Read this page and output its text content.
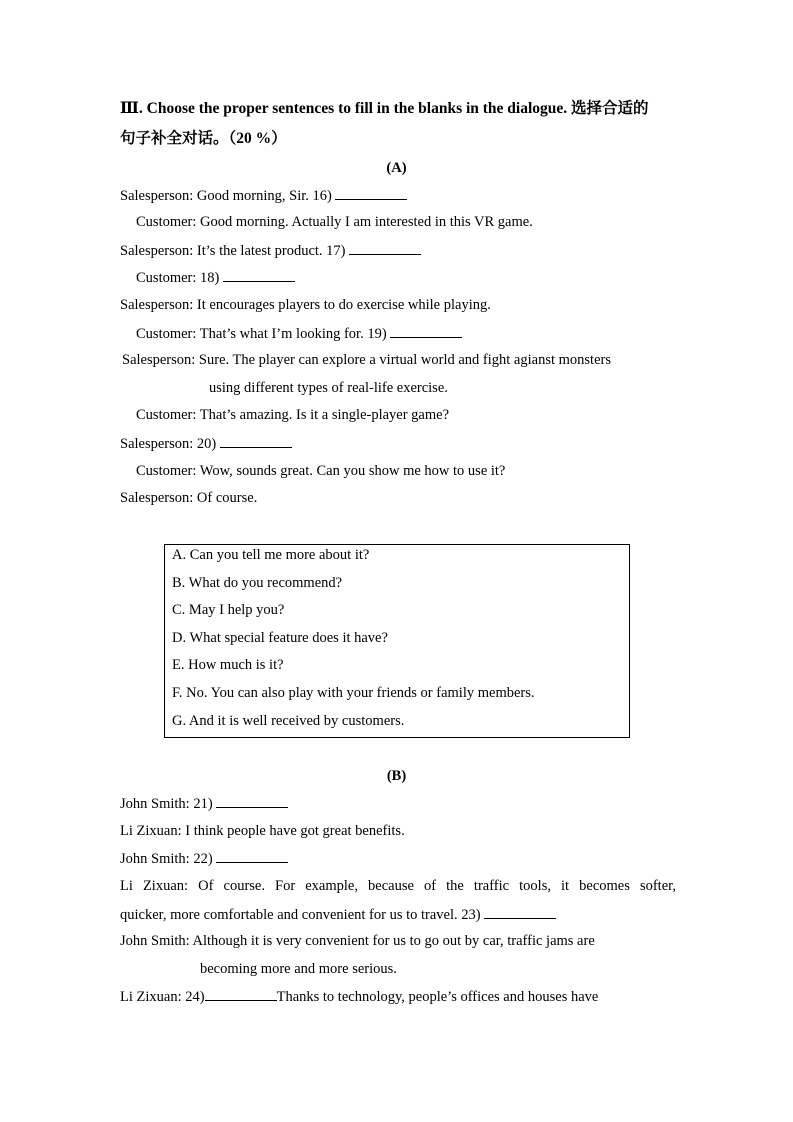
Ⅲ. Choose the proper sentences to fill in the blanks in the dialogue. 选择合适的
句子补全对话。（20 %）
(A)
Salesperson: Good morning, Sir. 16)
Customer: Good morning. Actually I am interested in this VR game.
Salesperson: It’s the latest product. 17)
Customer: 18)
Salesperson: It encourages players to do exercise while playing.
Customer: That’s what I’m looking for. 19)
Salesperson: Sure. The player can explore a virtual world and fight agianst monsters
using different types of real-life exercise.
Customer: That’s amazing. Is it a single-player game?
Salesperson: 20)
Customer: Wow, sounds great. Can you show me how to use it?
Salesperson: Of course.
A. Can you tell me more about it?
B. What do you recommend?
C. May I help you?
D. What special feature does it have?
E. How much is it?
F. No. You can also play with your friends or family members.
G. And it is well received by customers.
(B)
John Smith: 21)
Li Zixuan: I think people have got great benefits.
John Smith: 22)
Li Zixuan: Of course. For example, because of the traffic tools, it becomes softer,
quicker, more comfortable and convenient for us to travel. 23)
John Smith: Although it is very convenient for us to go out by car, traffic jams are
becoming more and more serious.
Li Zixuan: 24)	Thanks to technology, people’s offices and houses have
